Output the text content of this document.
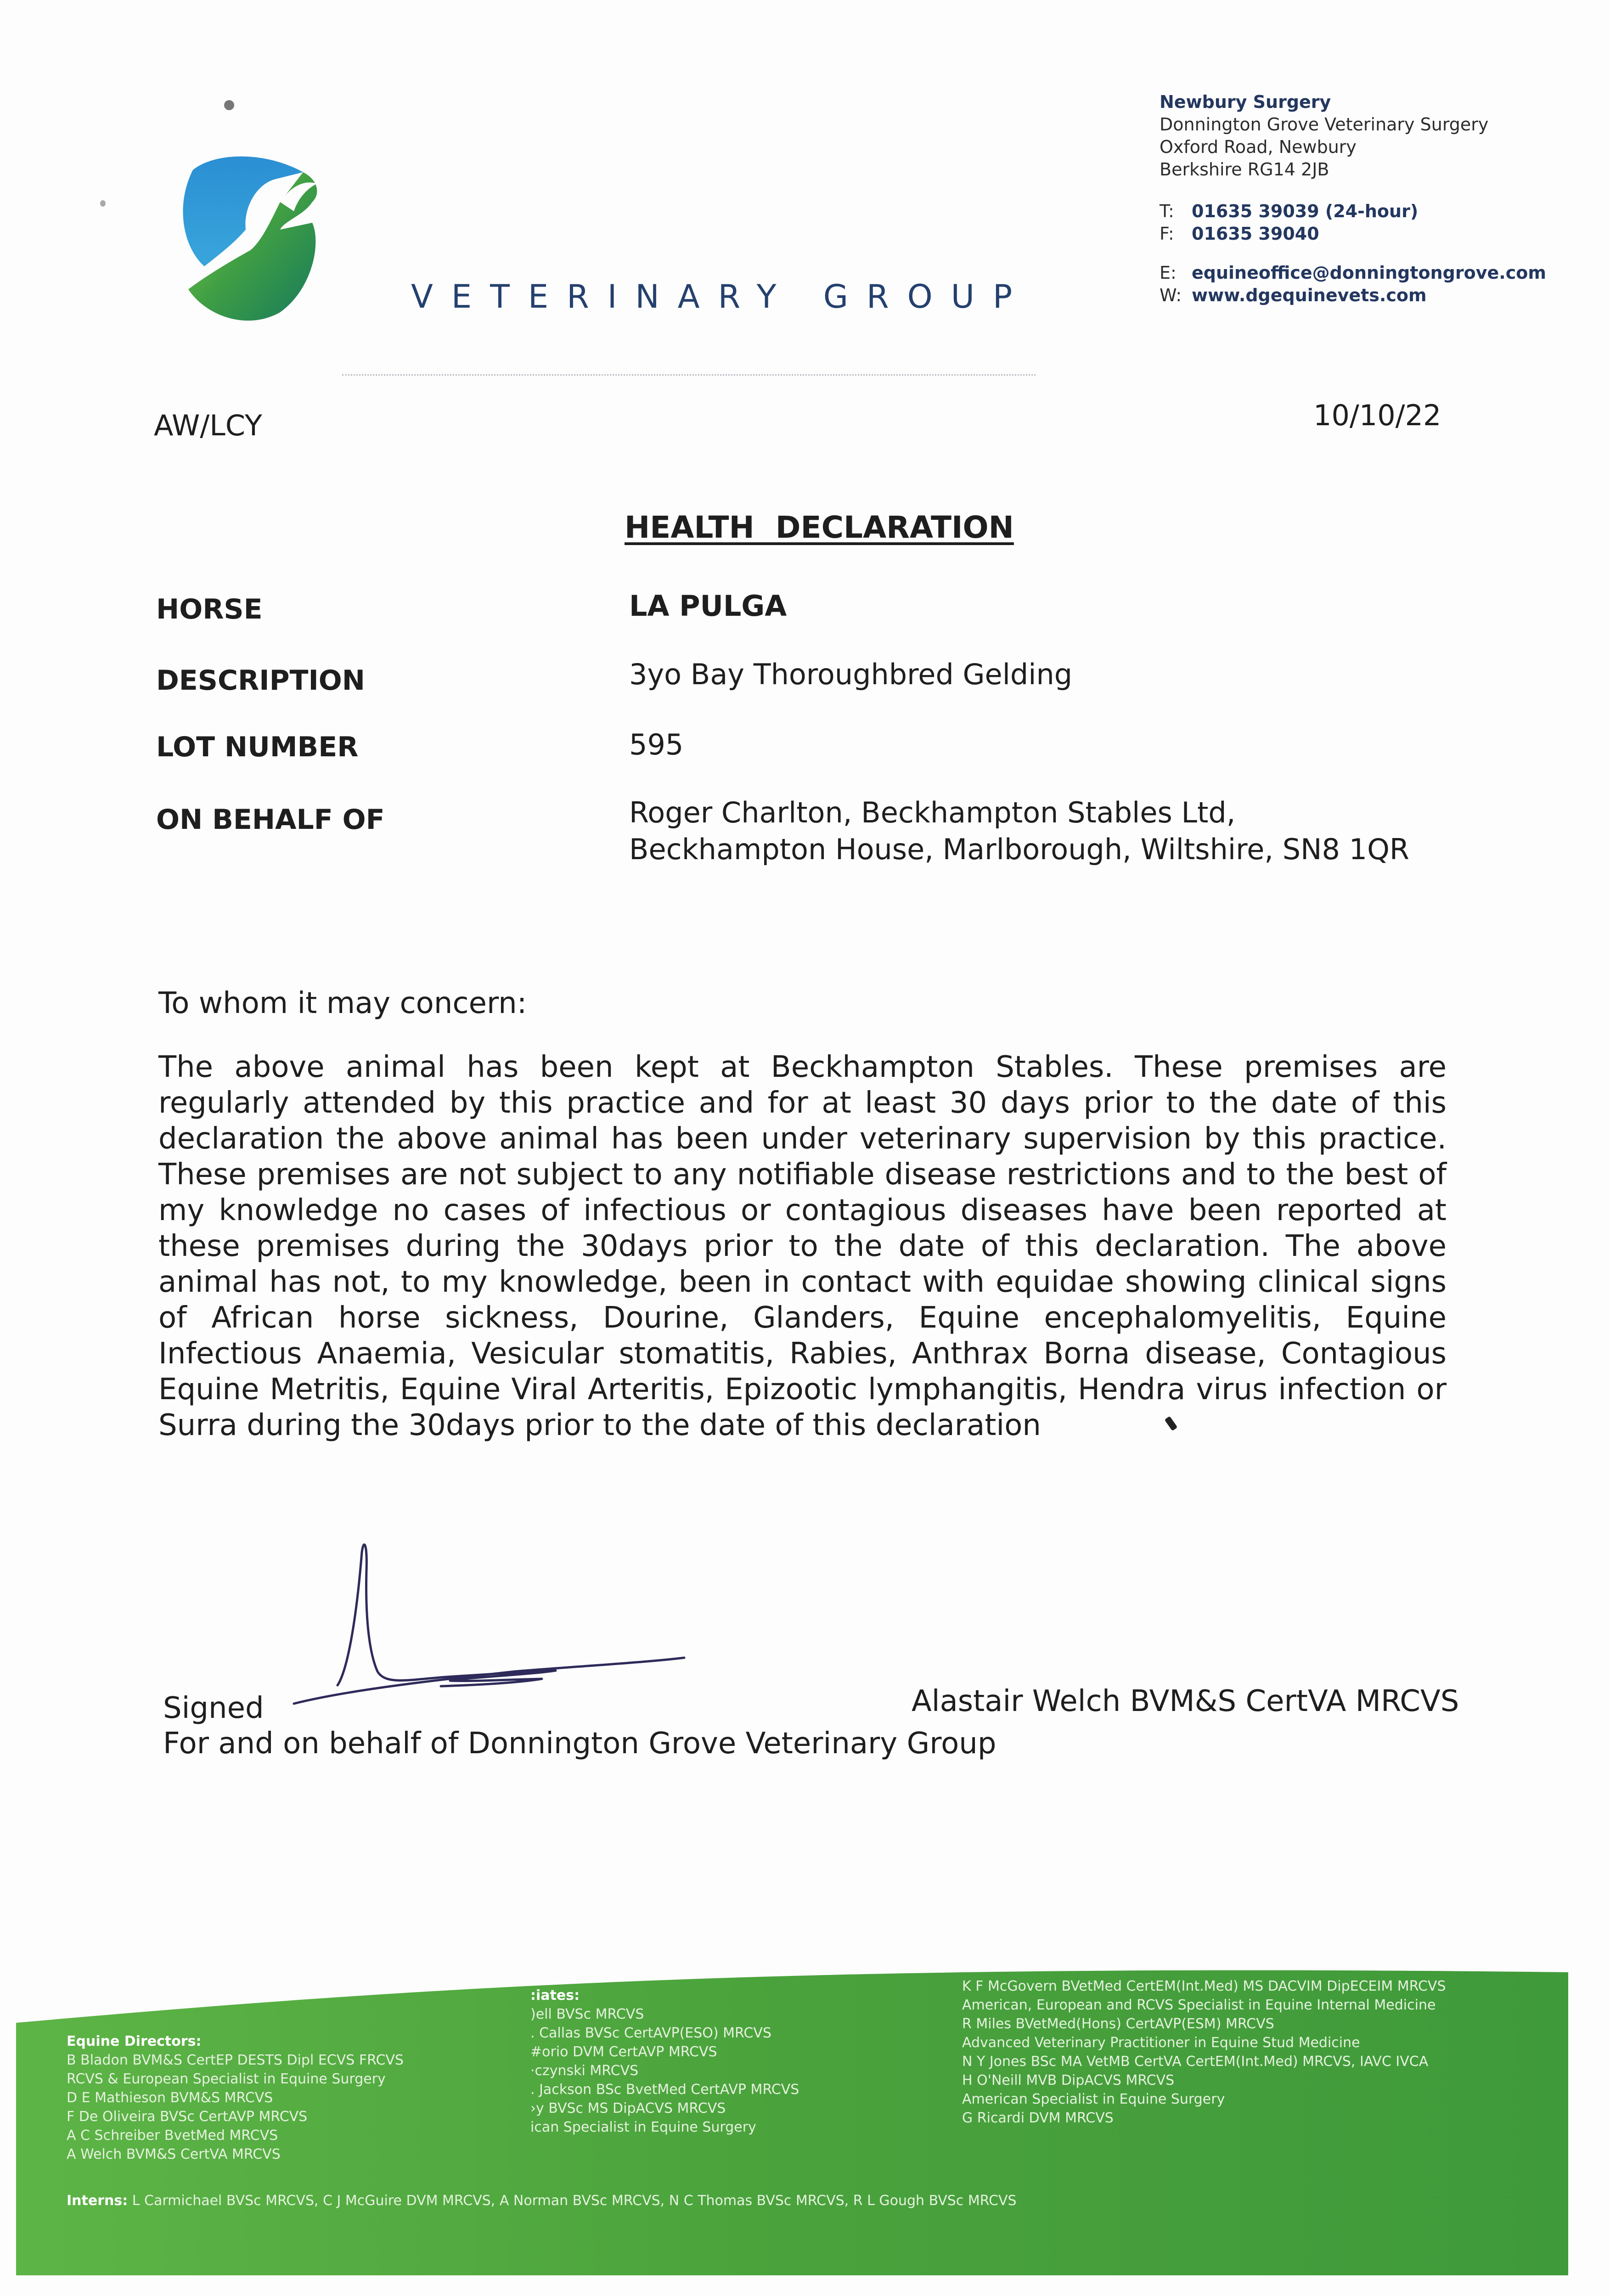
VETERINARY GROUP
Newbury Surgery
Donnington Grove Veterinary Surgery
Oxford Road, Newbury
Berkshire RG14 2JB
T: 01635 39039 (24-hour)
F: 01635 39040
E: equineoffice@donningtongrove.com
W: www.dgequinevets.com
AW/LCY	10/10/22
HEALTH  DECLARATION
HORSE	LA PULGA
DESCRIPTION	3yo Bay Thoroughbred Gelding
LOT NUMBER	595
ON BEHALF OF	Roger Charlton, Beckhampton Stables Ltd,
Beckhampton House, Marlborough, Wiltshire, SN8 1QR
To whom it may concern:
The above animal has been kept at Beckhampton Stables. These premises are regularly attended by this practice and for at least 30 days prior to the date of this declaration the above animal has been under veterinary supervision by this practice. These premises are not subject to any notifiable disease restrictions and to the best of my knowledge no cases of infectious or contagious diseases have been reported at these premises during the 30days prior to the date of this declaration. The above animal has not, to my knowledge, been in contact with equidae showing clinical signs of African horse sickness, Dourine, Glanders, Equine encephalomyelitis, Equine Infectious Anaemia, Vesicular stomatitis, Rabies, Anthrax Borna disease, Contagious Equine Metritis, Equine Viral Arteritis, Epizootic lymphangitis, Hendra virus infection or Surra during the 30days prior to the date of this declaration
Signed	Alastair Welch BVM&S CertVA MRCVS
For and on behalf of Donnington Grove Veterinary Group
Equine Directors:
B Bladon BVM&S CertEP DESTS Dipl ECVS FRCVS
RCVS & European Specialist in Equine Surgery
D E Mathieson BVM&S MRCVS
F De Oliveira BVSc CertAVP MRCVS
A C Schreiber BvetMed MRCVS
A Welch BVM&S CertVA MRCVS
:iates:
)ell BVSc MRCVS
. Callas BVSc CertAVP(ESO) MRCVS
#orio DVM CertAVP MRCVS
·czynski MRCVS
. Jackson BSc BvetMed CertAVP MRCVS
›y BVSc MS DipACVS MRCVS
ican Specialist in Equine Surgery
K F McGovern BVetMed CertEM(Int.Med) MS DACVIM DipECEIM MRCVS
American, European and RCVS Specialist in Equine Internal Medicine
R Miles BVetMed(Hons) CertAVP(ESM) MRCVS
Advanced Veterinary Practitioner in Equine Stud Medicine
N Y Jones BSc MA VetMB CertVA CertEM(Int.Med) MRCVS, IAVC IVCA
H O'Neill MVB DipACVS MRCVS
American Specialist in Equine Surgery
G Ricardi DVM MRCVS
Interns: L Carmichael BVSc MRCVS, C J McGuire DVM MRCVS, A Norman BVSc MRCVS, N C Thomas BVSc MRCVS, R L Gough BVSc MRCVS
